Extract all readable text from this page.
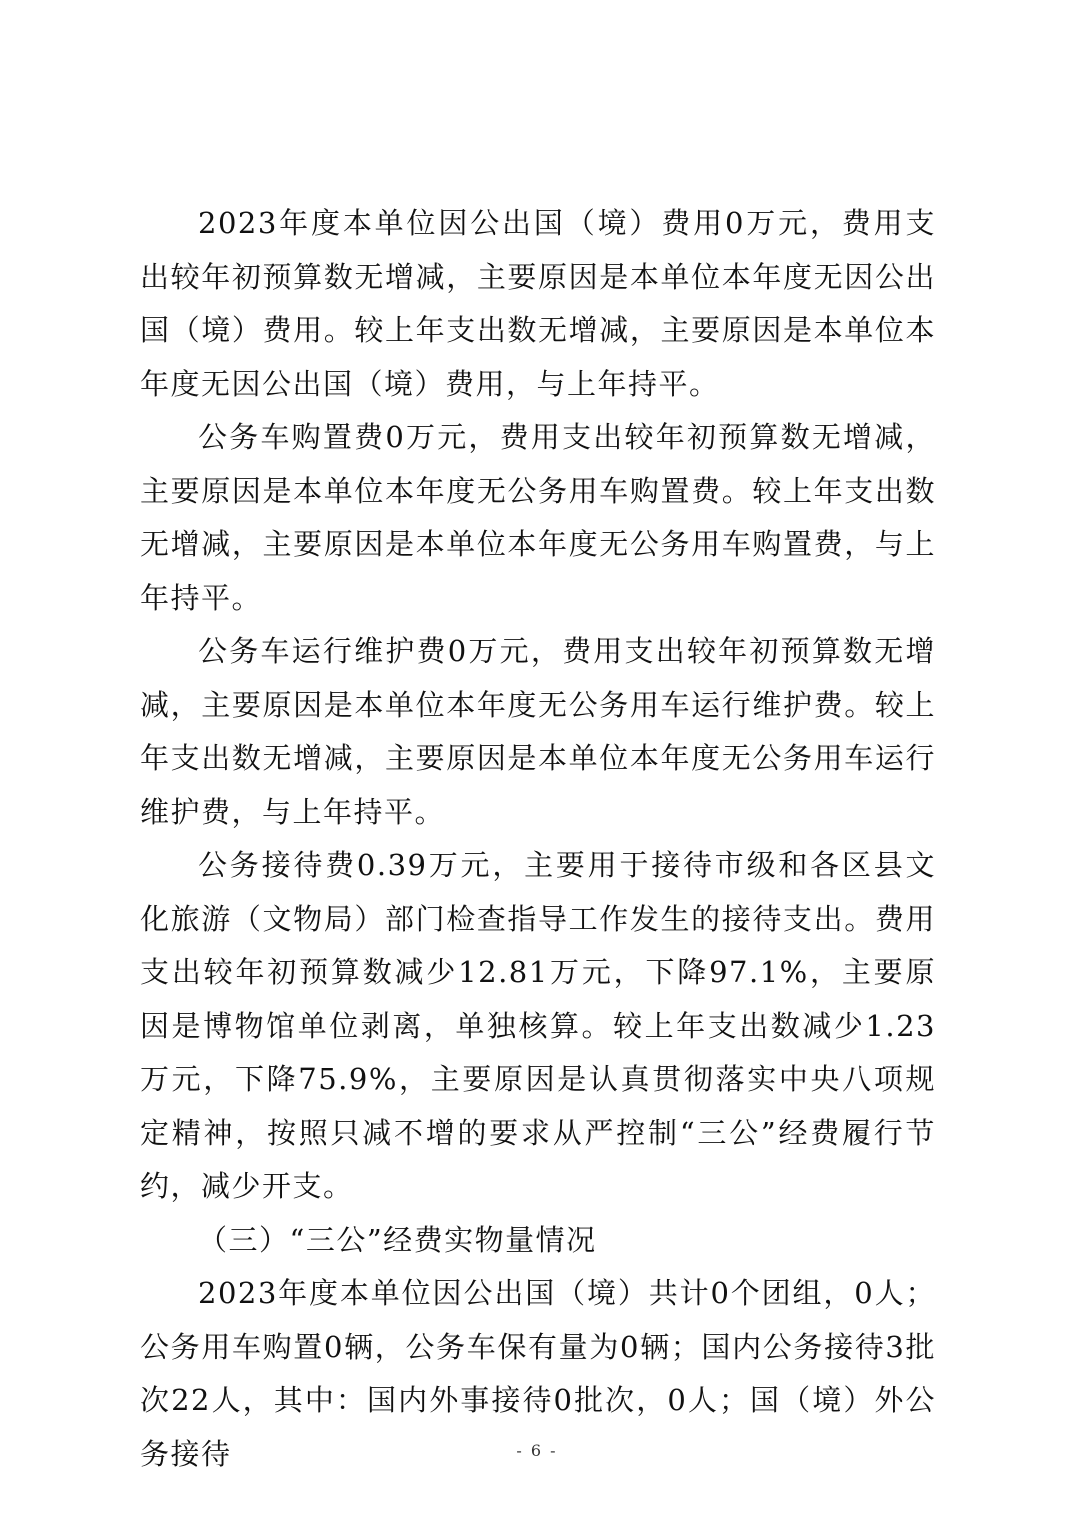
2023年度本单位因公出国（境）费用0万元，费用支出较年初预算数无增减，主要原因是本单位本年度无因公出国（境）费用。较上年支出数无增减，主要原因是本单位本年度无因公出国（境）费用，与上年持平。

公务车购置费0万元，费用支出较年初预算数无增减，主要原因是本单位本年度无公务用车购置费。较上年支出数无增减，主要原因是本单位本年度无公务用车购置费，与上年持平。

公务车运行维护费0万元，费用支出较年初预算数无增减，主要原因是本单位本年度无公务用车运行维护费。较上年支出数无增减，主要原因是本单位本年度无公务用车运行维护费，与上年持平。

公务接待费0.39万元，主要用于接待市级和各区县文化旅游（文物局）部门检查指导工作发生的接待支出。费用支出较年初预算数减少12.81万元，下降97.1%，主要原因是博物馆单位剥离，单独核算。较上年支出数减少1.23万元，下降75.9%，主要原因是认真贯彻落实中央八项规定精神，按照只减不增的要求从严控制“三公”经费履行节约，减少开支。

（三）“三公”经费实物量情况

2023年度本单位因公出国（境）共计0个团组，0人；公务用车购置0辆，公务车保有量为0辆；国内公务接待3批次22人，其中：国内外事接待0批次，0人；国（境）外公务接待	- 6 -
